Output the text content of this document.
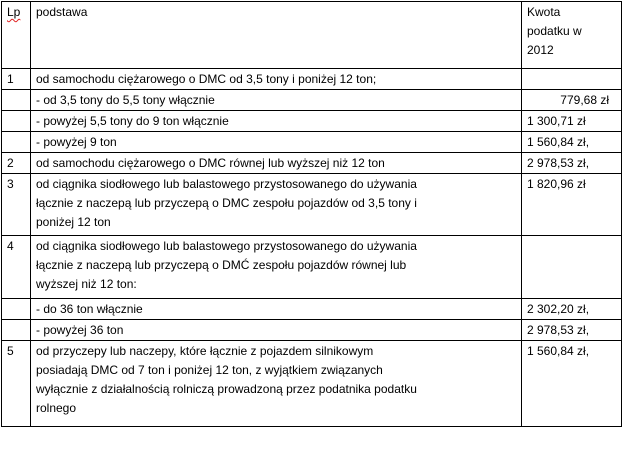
Lp	podstawa	Kwota
podatku w
2012

1	od samochodu ciężarowego o DMC od 3,5 tony i poniżej 12 ton;	

	- od 3,5 tony do 5,5 tony włącznie	779,68 zł

	- powyżej 5,5 tony do 9 ton włącznie	1 300,71 zł

	- powyżej 9 ton	1 560,84 zł,
2	od samochodu ciężarowego o DMC równej lub wyższej niż 12 ton	2 978,53 zł,
3	od ciągnika siodłowego lub balastowego przystosowanego do używania
łącznie z naczepą lub przyczepą o DMC zespołu pojazdów od 3,5 tony i
poniżej 12 ton	1 820,96 zł
4	od ciągnika siodłowego lub balastowego przystosowanego do używania
łącznie z naczepą lub przyczepą o DMĆ zespołu pojazdów równej lub
wyższej niż 12 ton:	

	- do 36 ton włącznie	2 302,20 zł,

	- powyżej 36 ton	2 978,53 zł,
5	od przyczepy lub naczepy, które łącznie z pojazdem silnikowym
posiadają DMC od 7 ton i poniżej 12 ton, z wyjątkiem związanych
wyłącznie z działalnością rolniczą prowadzoną przez podatnika podatku
rolnego	1 560,84 zł,
